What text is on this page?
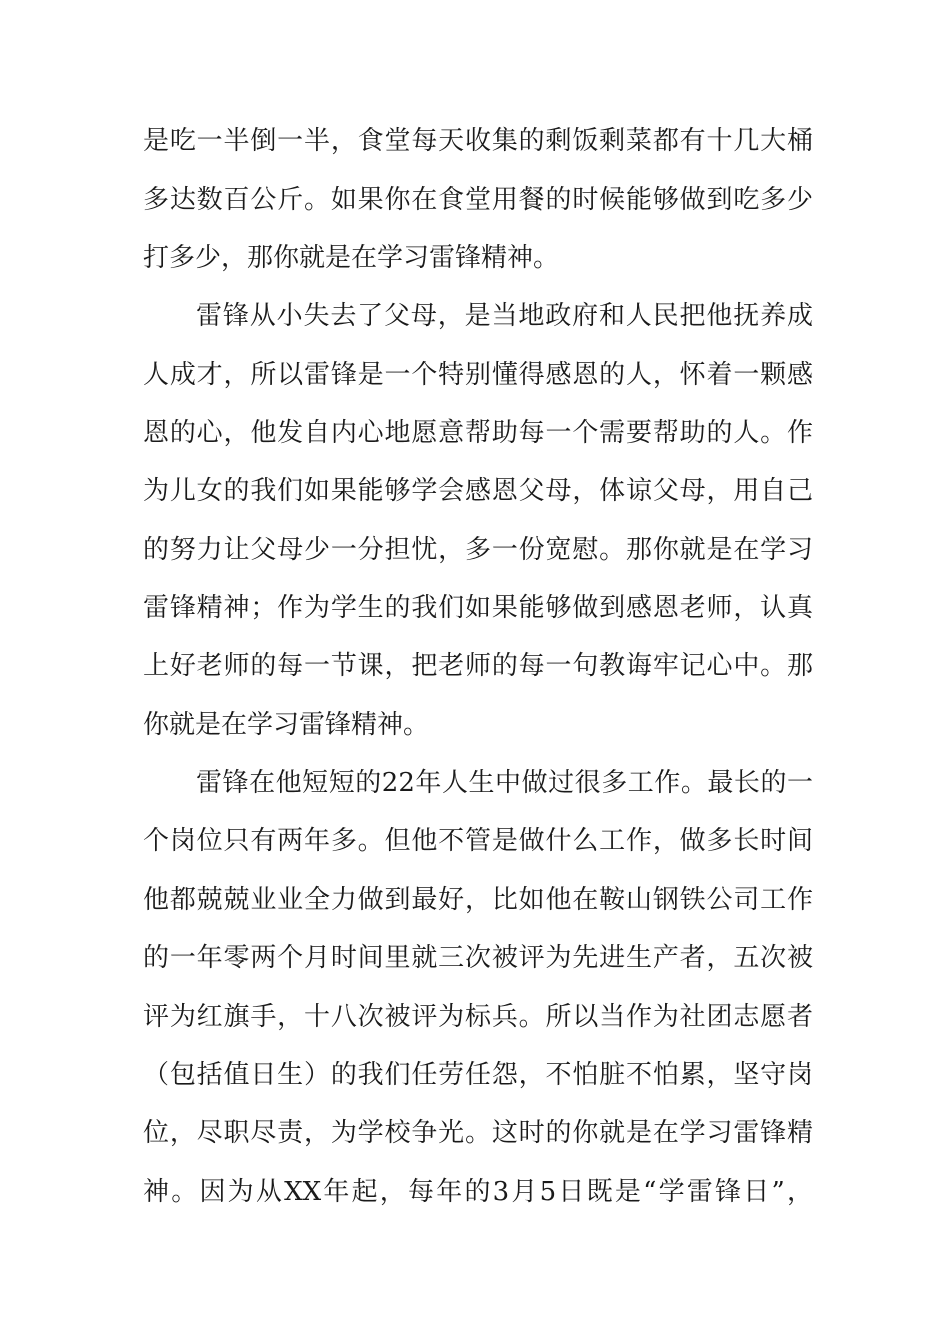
是吃一半倒一半，食堂每天收集的剩饭剩菜都有十几大桶

多达数百公斤。如果你在食堂用餐的时候能够做到吃多少

打多少，那你就是在学习雷锋精神。

雷锋从小失去了父母，是当地政府和人民把他抚养成

人成才，所以雷锋是一个特别懂得感恩的人，怀着一颗感

恩的心，他发自内心地愿意帮助每一个需要帮助的人。作

为儿女的我们如果能够学会感恩父母，体谅父母，用自己

的努力让父母少一分担忧，多一份宽慰。那你就是在学习

雷锋精神；作为学生的我们如果能够做到感恩老师，认真

上好老师的每一节课，把老师的每一句教诲牢记心中。那

你就是在学习雷锋精神。

雷锋在他短短的22年人生中做过很多工作。最长的一

个岗位只有两年多。但他不管是做什么工作，做多长时间

他都兢兢业业全力做到最好，比如他在鞍山钢铁公司工作

的一年零两个月时间里就三次被评为先进生产者，五次被

评为红旗手，十八次被评为标兵。所以当作为社团志愿者

（包括值日生）的我们任劳任怨，不怕脏不怕累，坚守岗

位，尽职尽责，为学校争光。这时的你就是在学习雷锋精

神。因为从XX年起，每年的3月5日既是“学雷锋日”，
